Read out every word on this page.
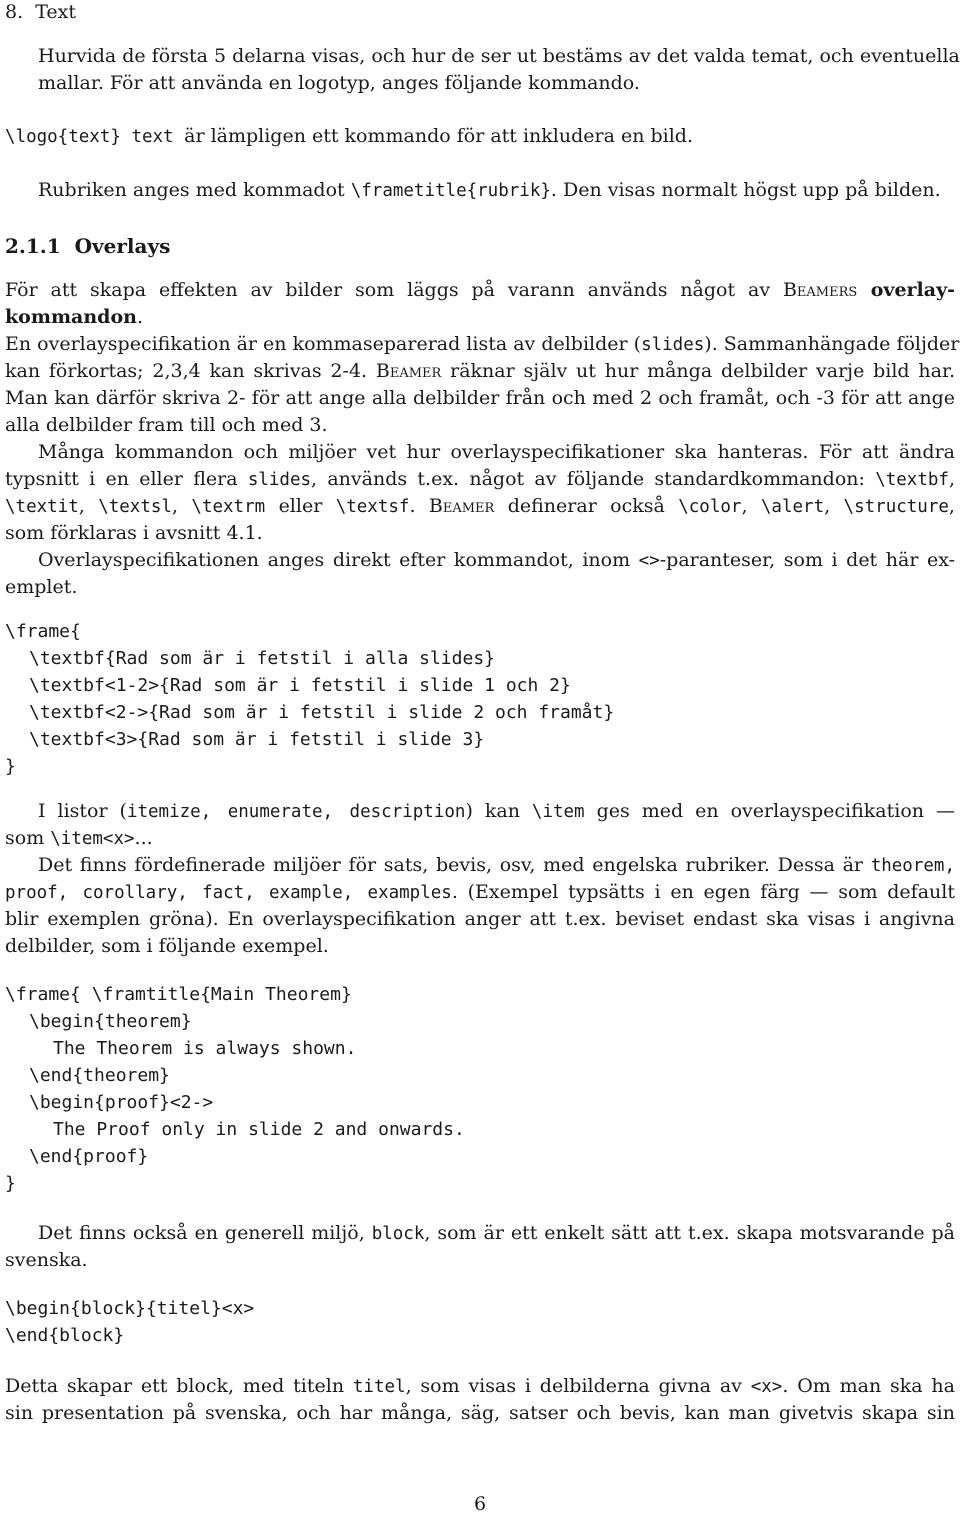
8. Text

Hurvida de första 5 delarna visas, och hur de ser ut bestäms av det valda temat, och eventuella

mallar. För att använda en logotyp, anges följande kommando.

\logo{text} text är lämpligen ett kommando för att inkludera en bild.

Rubriken anges med kommadot \frametitle{rubrik}. Den visas normalt högst upp på bilden.

2.1.1 Overlays

För att skapa effekten av bilder som läggs på varann används något av Beamers overlay-

kommandon.

En overlayspecifikation är en kommaseparerad lista av delbilder (slides). Sammanhängade följder

kan förkortas; 2,3,4 kan skrivas 2-4. Beamer räknar själv ut hur många delbilder varje bild har.

Man kan därför skriva 2- för att ange alla delbilder från och med 2 och framåt, och -3 för att ange

alla delbilder fram till och med 3.

Många kommandon och miljöer vet hur overlayspecifikationer ska hanteras. För att ändra

typsnitt i en eller flera slides, används t.ex. något av följande standardkommandon: \textbf,

\textit, \textsl, \textrm eller \textsf. Beamer definerar också \color, \alert, \structure,

som förklaras i avsnitt 4.1.

Overlayspecifikationen anges direkt efter kommandot, inom <>-paranteser, som i det här ex-

emplet.

\frame{
\textbf{Rad som är i fetstil i alla slides}
\textbf<1-2>{Rad som är i fetstil i slide 1 och 2}
\textbf<2->{Rad som är i fetstil i slide 2 och framåt}
\textbf<3>{Rad som är i fetstil i slide 3}
}

I listor (itemize, enumerate, description) kan \item ges med en overlayspecifikation —

som \item<x>...

Det finns fördefinerade miljöer för sats, bevis, osv, med engelska rubriker. Dessa är theorem,

proof, corollary, fact, example, examples. (Exempel typsätts i en egen färg — som default

blir exemplen gröna). En overlayspecifikation anger att t.ex. beviset endast ska visas i angivna

delbilder, som i följande exempel.

\frame{ \framtitle{Main Theorem}
\begin{theorem}
The Theorem is always shown.
\end{theorem}
\begin{proof}<2->
The Proof only in slide 2 and onwards.
\end{proof}
}

Det finns också en generell miljö, block, som är ett enkelt sätt att t.ex. skapa motsvarande på

svenska.

\begin{block}{titel}<x>
\end{block}

Detta skapar ett block, med titeln titel, som visas i delbilderna givna av <x>. Om man ska ha

sin presentation på svenska, och har många, säg, satser och bevis, kan man givetvis skapa sin

6
